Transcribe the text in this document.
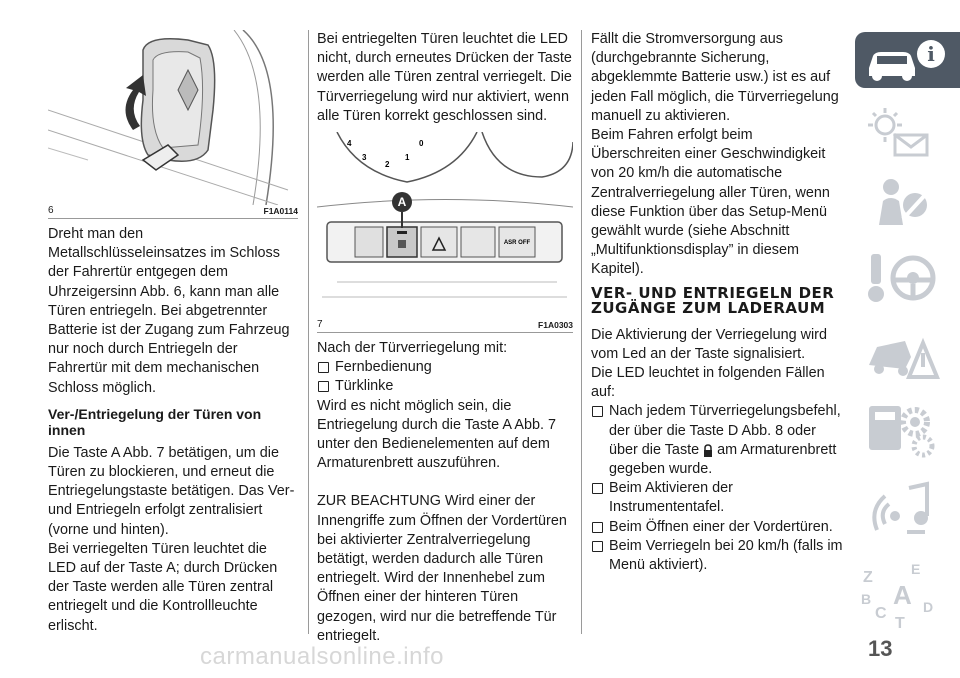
6	F1A0114

Dreht man den Metallschlüsseleinsatzes im Schloss der Fahrertür entgegen dem Uhrzeigersinn Abb. 6, kann man alle Türen entriegeln. Bei abgetrennter Batterie ist der Zugang zum Fahrzeug nur noch durch Entriegeln der Fahrertür mit dem mechanischen Schloss möglich.

Ver-/Entriegelung der Türen von innen

Die Taste A Abb. 7 betätigen, um die Türen zu blockieren, und erneut die Entriegelungstaste betätigen. Das Ver- und Entriegeln erfolgt zentralisiert (vorne und hinten).

Bei verriegelten Türen leuchtet die LED auf der Taste A; durch Drücken der Taste werden alle Türen zentral entriegelt und die Kontrollleuchte erlischt.

Bei entriegelten Türen leuchtet die LED nicht, durch erneutes Drücken der Taste werden alle Türen zentral verriegelt. Die Türverriegelung wird nur aktiviert, wenn alle Türen korrekt geschlossen sind.

4
3
2
1
0
ASR OFF
A
7	F1A0303

Nach der Türverriegelung mit:

Fernbedienung
Türklinke

Wird es nicht möglich sein, die Entriegelung durch die Taste A Abb. 7 unter den Bedienelementen auf dem Armaturenbrett auszuführen.

ZUR BEACHTUNG Wird einer der Innengriffe zum Öffnen der Vordertüren bei aktivierter Zentralverriegelung betätigt, werden dadurch alle Türen entriegelt. Wird der Innenhebel zum Öffnen einer der hinteren Türen gezogen, wird nur die betreffende Tür entriegelt.

Fällt die Stromversorgung aus (durchgebrannte Sicherung, abgeklemmte Batterie usw.) ist es auf jeden Fall möglich, die Türverriegelung manuell zu aktivieren.

Beim Fahren erfolgt beim Überschreiten einer Geschwindigkeit von 20 km/h die automatische Zentralverriegelung aller Türen, wenn diese Funktion über das Setup-Menü gewählt wurde (siehe Abschnitt „Multifunktionsdisplay” in diesem Kapitel).

VER- UND ENTRIEGELN DER ZUGÄNGE ZUM LADERAUM

Die Aktivierung der Verriegelung wird vom Led an der Taste signalisiert.

Die LED leuchtet in folgenden Fällen auf:

Nach jedem Türverriegelungsbefehl, der über die Taste D Abb. 8 oder über die Taste am Armaturenbrett gegeben wurde.
Beim Aktivieren der Instrumententafel.
Beim Öffnen einer der Vordertüren.
Beim Verriegeln bei 20 km/h (falls im Menü aktiviert).
i
Z	E
B A
C	D
T
13
carmanualsonline.info
